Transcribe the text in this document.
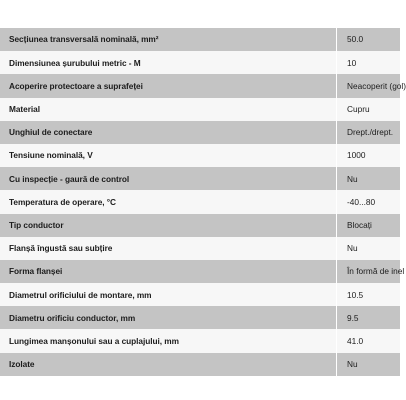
Secțiunea transversală nominală, mm²	50.0
Dimensiunea șurubului metric - M	10
Acoperire protectoare a suprafeței	Neacoperit (gol)
Material	Cupru
Unghiul de conectare	Drept./drept.
Tensiune nominală, V	1000
Cu inspecție - gaură de control	Nu
Temperatura de operare, °C	-40...80
Tip conductor	Blocați
Flanșă îngustă sau subțire	Nu
Forma flanșei	În formă de inel
Diametrul orificiului de montare, mm	10.5
Diametru orificiu conductor, mm	9.5
Lungimea manșonului sau a cuplajului, mm	41.0
Izolate	Nu
